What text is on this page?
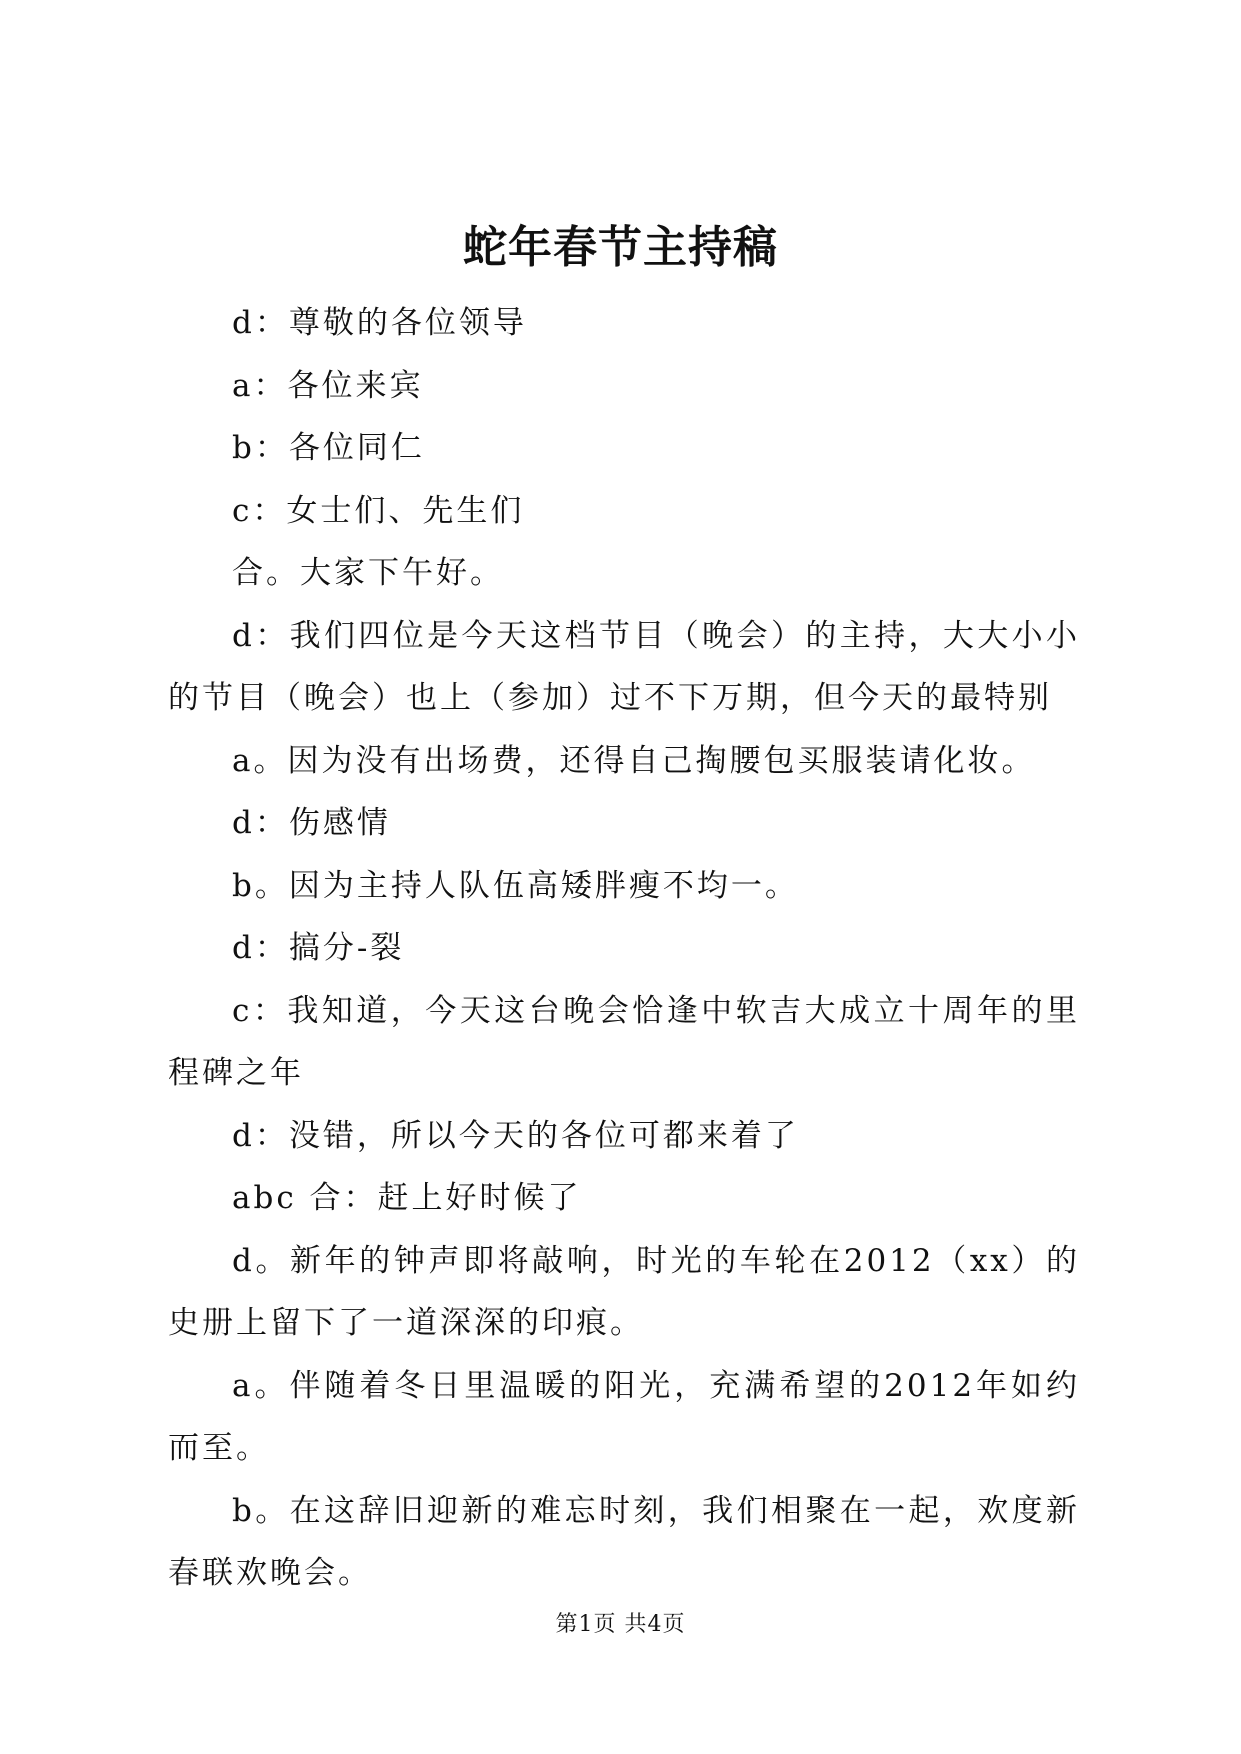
蛇年春节主持稿

d：尊敬的各位领导

a：各位来宾

b：各位同仁

c：女士们、先生们

合。大家下午好。

d：我们四位是今天这档节目（晚会）的主持，大大小小的节目（晚会）也上（参加）过不下万期，但今天的最特别

a。因为没有出场费，还得自己掏腰包买服装请化妆。

d：伤感情

b。因为主持人队伍高矮胖瘦不均一。

d：搞分-裂

c：我知道，今天这台晚会恰逢中软吉大成立十周年的里程碑之年

d：没错，所以今天的各位可都来着了

abc 合：赶上好时候了

d。新年的钟声即将敲响，时光的车轮在2012（xx）的史册上留下了一道深深的印痕。

a。伴随着冬日里温暖的阳光，充满希望的2012年如约而至。

b。在这辞旧迎新的难忘时刻，我们相聚在一起，欢度新春联欢晚会。

第1页 共4页
